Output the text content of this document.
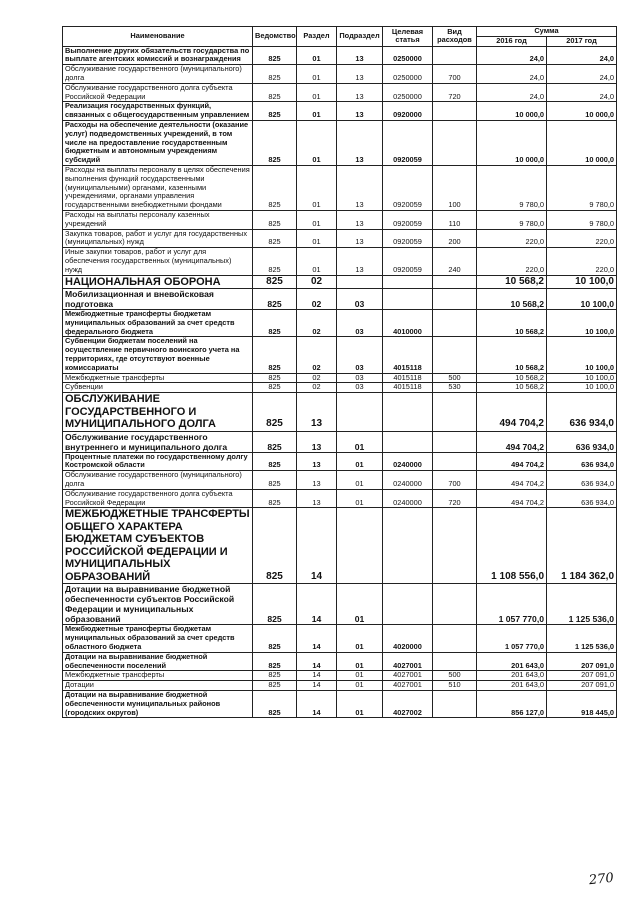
Наименование	Ведомство	Раздел	Подраздел	Целевая статья	Вид расходов	Сумма	
						2016 год	2017 год
Выполнение других обязательств государства по выплате агентских комиссий и вознаграждения	825	01	13	0250000		24,0	24,0
Обслуживание государственного (муниципального) долга	825	01	13	0250000	700	24,0	24,0
Обслуживание государственного долга субъекта Российской Федерации	825	01	13	0250000	720	24,0	24,0
Реализация государственных функций, связанных с общегосударственным управлением	825	01	13	0920000		10 000,0	10 000,0
Расходы на обеспечение деятельности (оказание услуг) подведомственных учреждений, в том числе на предоставление государственным бюджетным и автономным учреждениям субсидий	825	01	13	0920059		10 000,0	10 000,0
Расходы на выплаты персоналу в целях обеспечения выполнения функций государственными (муниципальными) органами, казенными учреждениями, органами управления государственными внебюджетными фондами	825	01	13	0920059	100	9 780,0	9 780,0
Расходы на выплаты персоналу казенных учреждений	825	01	13	0920059	110	9 780,0	9 780,0
Закупка товаров, работ и услуг для государственных (муниципальных) нужд	825	01	13	0920059	200	220,0	220,0
Иные закупки товаров, работ и услуг для обеспечения государственных (муниципальных) нужд	825	01	13	0920059	240	220,0	220,0
НАЦИОНАЛЬНАЯ ОБОРОНА	825	02				10 568,2	10 100,0
Мобилизационная и вневойсковая подготовка	825	02	03			10 568,2	10 100,0
Межбюджетные трансферты бюджетам муниципальных образований за счет средств федерального бюджета	825	02	03	4010000		10 568,2	10 100,0
Субвенции бюджетам поселений на осуществление первичного воинского учета на территориях, где отсутствуют военные комиссариаты	825	02	03	4015118		10 568,2	10 100,0
Межбюджетные трансферты	825	02	03	4015118	500	10 568,2	10 100,0
Субвенции	825	02	03	4015118	530	10 568,2	10 100,0
ОБСЛУЖИВАНИЕ ГОСУДАРСТВЕННОГО И МУНИЦИПАЛЬНОГО ДОЛГА	825	13				494 704,2	636 934,0
Обслуживание государственного внутреннего и муниципального долга	825	13	01			494 704,2	636 934,0
Процентные платежи по государственному долгу Костромской области	825	13	01	0240000		494 704,2	636 934,0
Обслуживание государственного (муниципального) долга	825	13	01	0240000	700	494 704,2	636 934,0
Обслуживание государственного долга субъекта Российской Федерации	825	13	01	0240000	720	494 704,2	636 934,0
МЕЖБЮДЖЕТНЫЕ ТРАНСФЕРТЫ ОБЩЕГО ХАРАКТЕРА БЮДЖЕТАМ СУБЪЕКТОВ РОССИЙСКОЙ ФЕДЕРАЦИИ И МУНИЦИПАЛЬНЫХ ОБРАЗОВАНИЙ	825	14				1 108 556,0	1 184 362,0
Дотации на выравнивание бюджетной обеспеченности субъектов Российской Федерации и муниципальных образований	825	14	01			1 057 770,0	1 125 536,0
Межбюджетные трансферты бюджетам муниципальных образований за счет средств областного бюджета	825	14	01	4020000		1 057 770,0	1 125 536,0
Дотации на выравнивание бюджетной обеспеченности поселений	825	14	01	4027001		201 643,0	207 091,0
Межбюджетные трансферты	825	14	01	4027001	500	201 643,0	207 091,0
Дотации	825	14	01	4027001	510	201 643,0	207 091,0
Дотации на выравнивание бюджетной обеспеченности муниципальных районов (городских округов)	825	14	01	4027002		856 127,0	918 445,0
270
